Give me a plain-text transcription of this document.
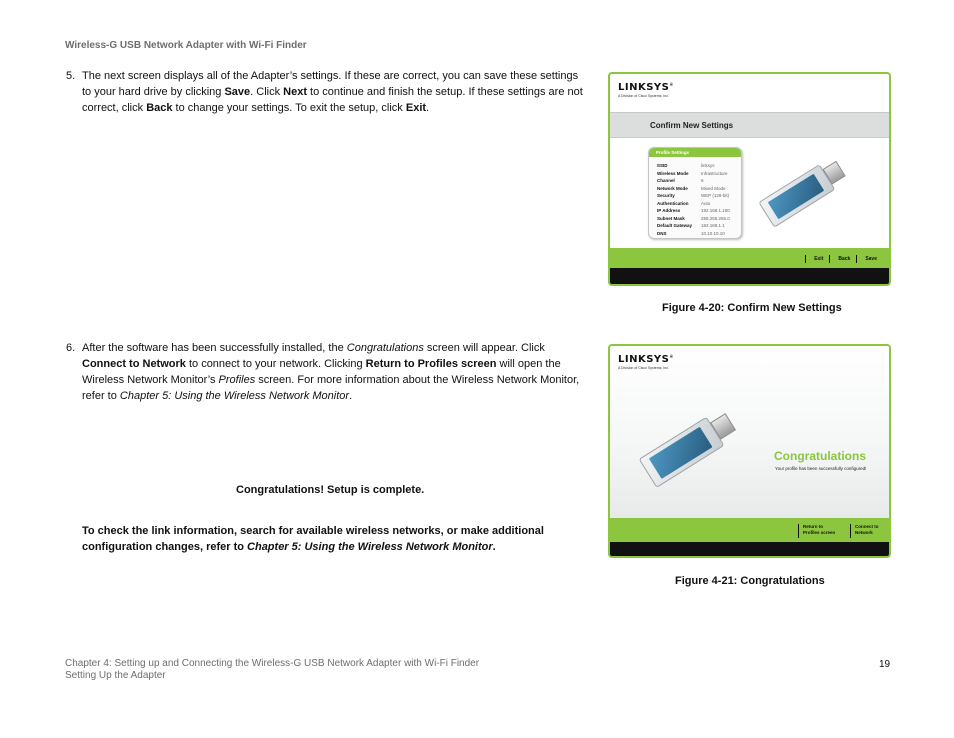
Wireless-G USB Network Adapter with Wi-Fi Finder
5. The next screen displays all of the Adapter’s settings. If these are correct, you can save these settings to your hard drive by clicking Save. Click Next to continue and finish the setup. If these settings are not correct, click Back to change your settings. To exit the setup, click Exit.
6. After the software has been successfully installed, the Congratulations screen will appear. Click Connect to Network to connect to your network. Clicking Return to Profiles screen will open the Wireless Network Monitor’s Profiles screen. For more information about the Wireless Network Monitor, refer to Chapter 5: Using the Wireless Network Monitor.
Congratulations! Setup is complete.
To check the link information, search for available wireless networks, or make additional configuration changes, refer to Chapter 5: Using the Wireless Network Monitor.
LINKSYS®
A Division of Cisco Systems, Inc.
Confirm New Settings
Profile Settings
SSID	linksys
Wireless Mode	Infrastructure
Channel	6
Network Mode	Mixed Mode
Security	WEP (128-bit)
Authentication	Auto
IP Address	192.168.1.100
Subnet Mask	255.255.255.0
Default Gateway	192.168.1.1
DNS	10.10.10.10
Exit	Back	Save
Figure 4-20: Confirm New Settings
LINKSYS®
A Division of Cisco Systems, Inc.
Congratulations
Your profile has been successfully configured!
Return to
Profiles screen
Connect to
Network
Figure 4-21: Congratulations
Chapter 4: Setting up and Connecting the Wireless-G USB Network Adapter with Wi-Fi Finder
Setting Up the Adapter
19
